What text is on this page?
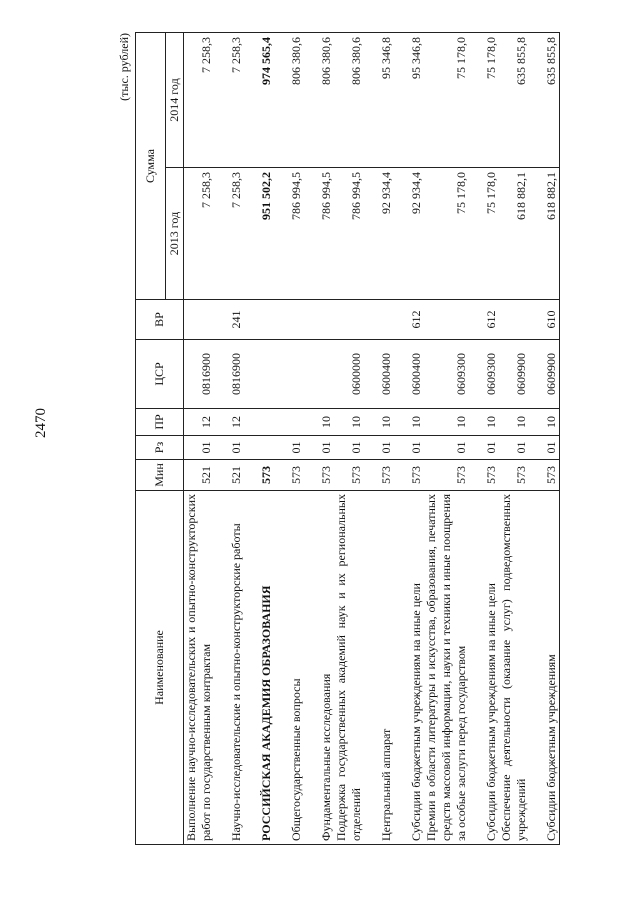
2470
(тыс. рублей)
Наименование	Мин	Рз	ПР	ЦСР	ВР	Сумма	
						2013 год	2014 год
Выполнение научно-исследовательских и опытно-конструкторских работ по государственным контрактам	521	01	12	0816900		7 258,3	7 258,3
Научно-исследовательские и опытно-конструкторские работы	521	01	12	0816900	241	7 258,3	7 258,3
РОССИЙСКАЯ АКАДЕМИЯ ОБРАЗОВАНИЯ	573					951 502,2	974 565,4
Общегосударственные вопросы	573	01				786 994,5	806 380,6
Фундаментальные исследования	573	01	10			786 994,5	806 380,6
Поддержка государственных академий наук и их региональных отделений	573	01	10	0600000		786 994,5	806 380,6
Центральный аппарат	573	01	10	0600400		92 934,4	95 346,8
Субсидии бюджетным учреждениям на иные цели	573	01	10	0600400	612	92 934,4	95 346,8
Премии в области литературы и искусства, образования, печатных средств массовой информации, науки и техники и иные поощрения за особые заслуги перед государством	573	01	10	0609300		75 178,0	75 178,0
Субсидии бюджетным учреждениям на иные цели	573	01	10	0609300	612	75 178,0	75 178,0
Обеспечение деятельности (оказание услуг) подведомственных учреждений	573	01	10	0609900		618 882,1	635 855,8
Субсидии бюджетным учреждениям	573	01	10	0609900	610	618 882,1	635 855,8
